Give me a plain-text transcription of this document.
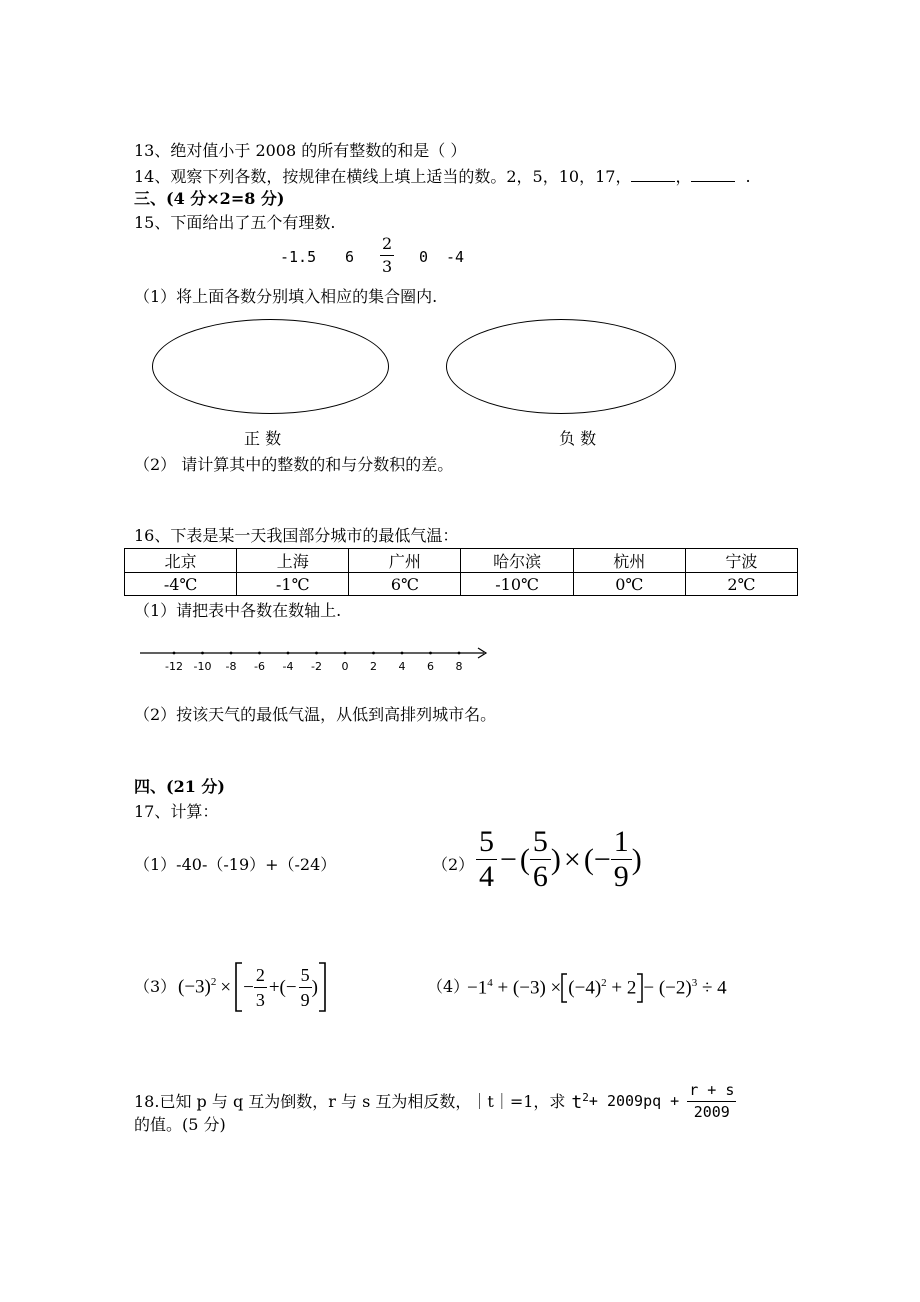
13、绝对值小于 2008 的所有整数的和是（ ）
14、观察下列各数，按规律在横线上填上适当的数。2，5，10，17，	，	.
三、(4 分×2=8 分)
15、下面给出了五个有理数.
-1.5 $6 \frac{2}{3} 0$ -4
（1）将上面各数分别填入相应的集合圈内.
正 数	负 数
（2） 请计算其中的整数的和与分数积的差。
16、下表是某一天我国部分城市的最低气温：
北京	上海	广州	哈尔滨	杭州	宁波
-4℃	-1℃	6℃	-10℃	0℃	2℃
（1）请把表中各数在数轴上.
-12 -10 -8 -6 -4 -2 0 2 4 6 8
（2）按该天气的最低气温，从低到高排列城市名。
四、(21 分)
17、计算：
（1）-40-（-19）+（-24）	$(2) \frac{5}{4}$ − ( $\frac{5}{6}$ ) × (− $\frac{1}{9}$ )
（3） $(-3)^2$ × − $\frac{2}{3}$ +(− $\frac{5}{9}$ )	（4）
$-1^4 + (-3) \times (-4)^2 + 2 - (-2)^3 \div 4$
18.已知 p 与 q 互为倒数，r 与 s 互为相反数，｜t｜=1，求 $t^2 + 2009pq + \frac{r + s}{2009}$
的值。(5 分)
